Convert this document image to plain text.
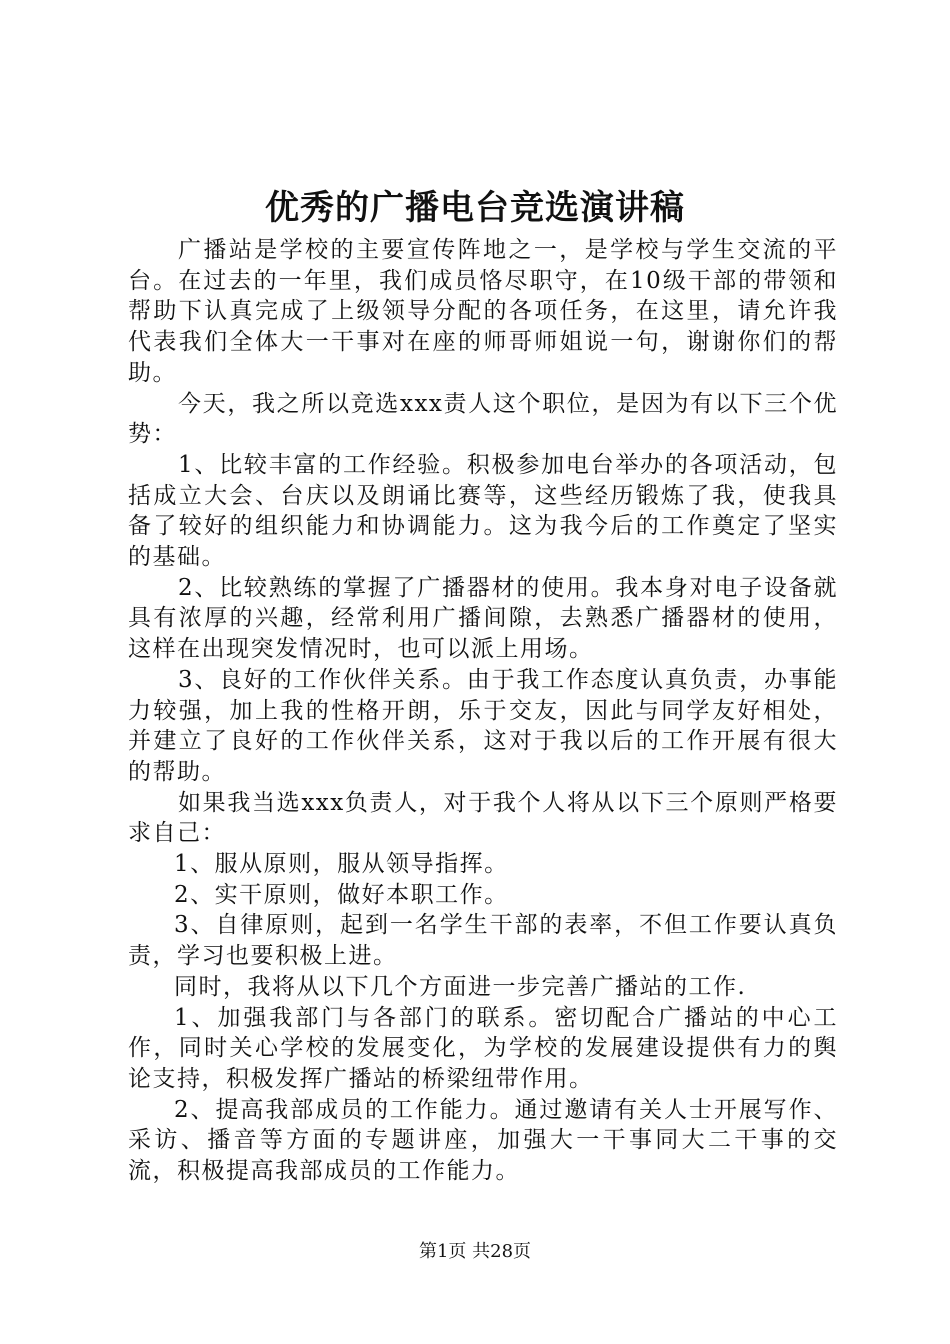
优秀的广播电台竞选演讲稿

广播站是学校的主要宣传阵地之一，是学校与学生交流的平台。在过去的一年里，我们成员恪尽职守，在10级干部的带领和帮助下认真完成了上级领导分配的各项任务，在这里，请允许我代表我们全体大一干事对在座的师哥师姐说一句，谢谢你们的帮助。

今天，我之所以竞选xxx责人这个职位，是因为有以下三个优势：

1、比较丰富的工作经验。积极参加电台举办的各项活动，包括成立大会、台庆以及朗诵比赛等，这些经历锻炼了我，使我具备了较好的组织能力和协调能力。这为我今后的工作奠定了坚实的基础。

2、比较熟练的掌握了广播器材的使用。我本身对电子设备就具有浓厚的兴趣，经常利用广播间隙，去熟悉广播器材的使用，这样在出现突发情况时，也可以派上用场。

3、良好的工作伙伴关系。由于我工作态度认真负责，办事能力较强，加上我的性格开朗，乐于交友，因此与同学友好相处，并建立了良好的工作伙伴关系，这对于我以后的工作开展有很大的帮助。

如果我当选xxx负责人，对于我个人将从以下三个原则严格要求自己：

1、服从原则，服从领导指挥。

2、实干原则，做好本职工作。

3、自律原则，起到一名学生干部的表率，不但工作要认真负责，学习也要积极上进。

同时，我将从以下几个方面进一步完善广播站的工作.

1、加强我部门与各部门的联系。密切配合广播站的中心工作，同时关心学校的发展变化，为学校的发展建设提供有力的舆论支持，积极发挥广播站的桥梁纽带作用。

2、提高我部成员的工作能力。通过邀请有关人士开展写作、采访、播音等方面的专题讲座，加强大一干事同大二干事的交流，积极提高我部成员的工作能力。

第1页 共28页
